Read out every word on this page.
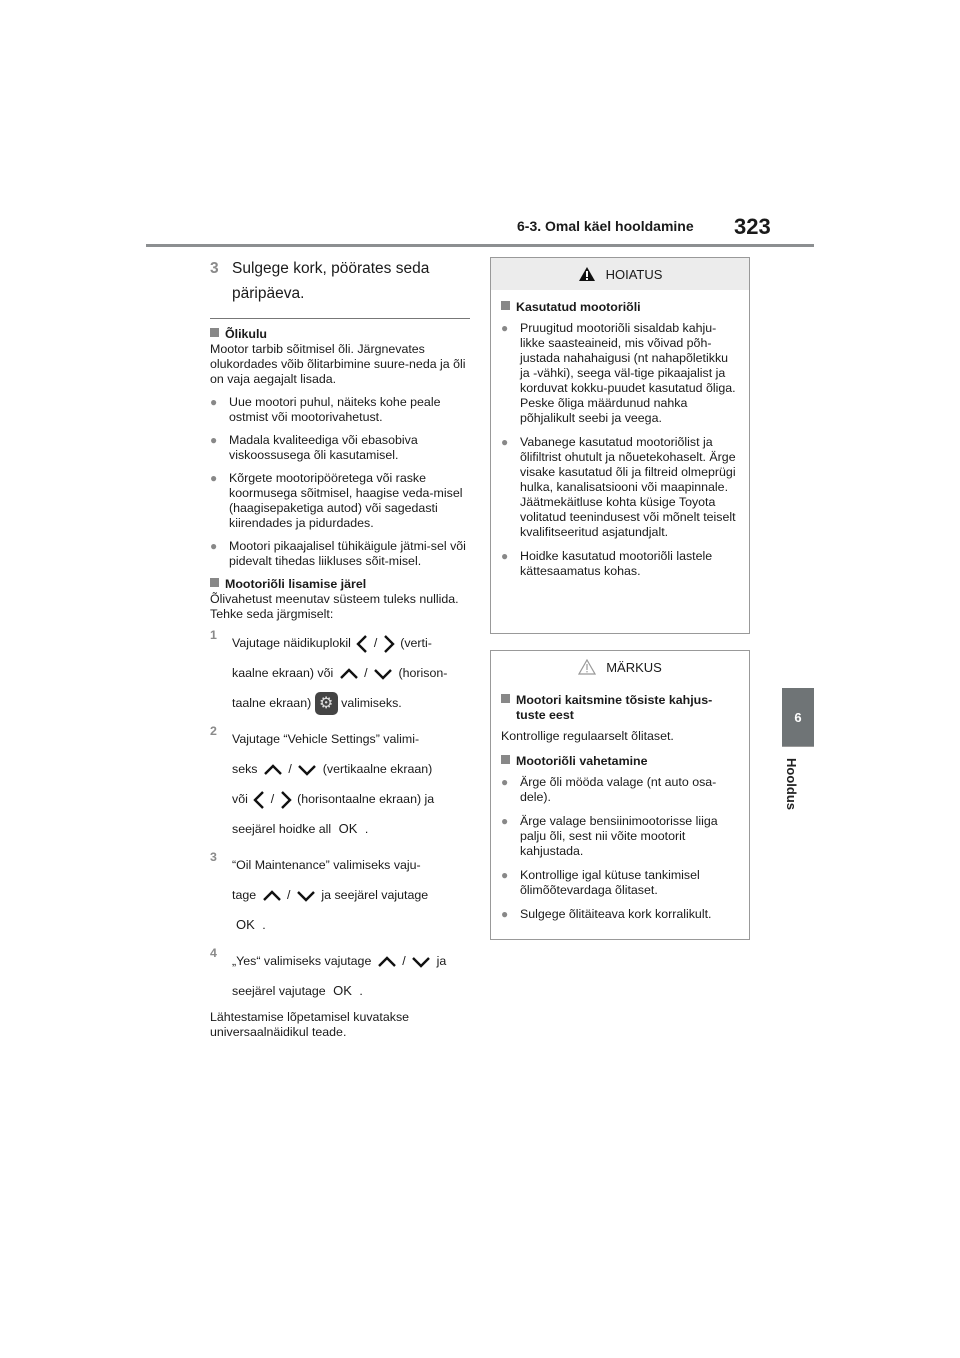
6-3. Omal käel hooldamine 323
6
Hooldus
3 Sulgege kork, pöörates seda
päripäeva.
Õlikulu

Mootor tarbib sõitmisel õli. Järgnevates olukordades võib õlitarbimine suure-neda ja õli on vaja aegajalt lisada.

● Uue mootori puhul, näiteks kohe peale ostmist või mootorivahetust.
● Madala kvaliteediga või ebasobiva viskoossusega õli kasutamisel.
● Kõrgete mootoripööretega või raske koormusega sõitmisel, haagise veda-misel (haagisepaketiga autod) või sagedasti kiirendades ja pidurdades.
● Mootori pikaajalisel tühikäigule jätmi-sel või pidevalt tihedas liikluses sõit-misel.
Mootoriõli lisamise järel

Õlivahetust meenutav süsteem tuleks nullida. Tehke seda järgmiselt:

1
Vajutage näidikuplokil / (verti-
kaalne ekraan) või / (horison-
taalne ekraan) ⚙ valimiseks.
2
Vajutage “Vehicle Settings” valimi-
seks / (vertikaalne ekraan)
või / (horisontaalne ekraan) ja
seejärel hoidke all OK .
3
“Oil Maintenance” valimiseks vaju-
tage / ja seejärel vajutage
OK .
4
„Yes“ valimiseks vajutage / ja
seejärel vajutage OK .

Lähtestamise lõpetamisel kuvatakse universaalnäidikul teade.

HOIATUS
Kasutatud mootoriõli
● Pruugitud mootoriõli sisaldab kahju-likke saasteaineid, mis võivad põh-justada nahahaigusi (nt nahapõletikku ja -vähki), seega väl-tige pikaajalist ja korduvat kokku-puudet kasutatud õliga. Peske õliga määrdunud nahka põhjalikult seebi ja veega.
● Vabanege kasutatud mootoriõlist ja õlifiltrist ohutult ja nõuetekohaselt. Ärge visake kasutatud õli ja filtreid olmeprügi hulka, kanalisatsiooni või maapinnale. Jäätmekäitluse kohta küsige Toyota volitatud teenindusest või mõnelt teiselt kvalifitseeritud asjatundjalt.
● Hoidke kasutatud mootoriõli lastele kättesaamatus kohas.
MÄRKUS
Mootori kaitsmine tõsiste kahjus-tuste eest

Kontrollige regulaarselt õlitaset.

Mootoriõli vahetamine
● Ärge õli mööda valage (nt auto osa-dele).
● Ärge valage bensiinimootorisse liiga palju õli, sest nii võite mootorit kahjustada.
● Kontrollige igal kütuse tankimisel õlimõõtevardaga õlitaset.
● Sulgege õlitäiteava kork korralikult.
